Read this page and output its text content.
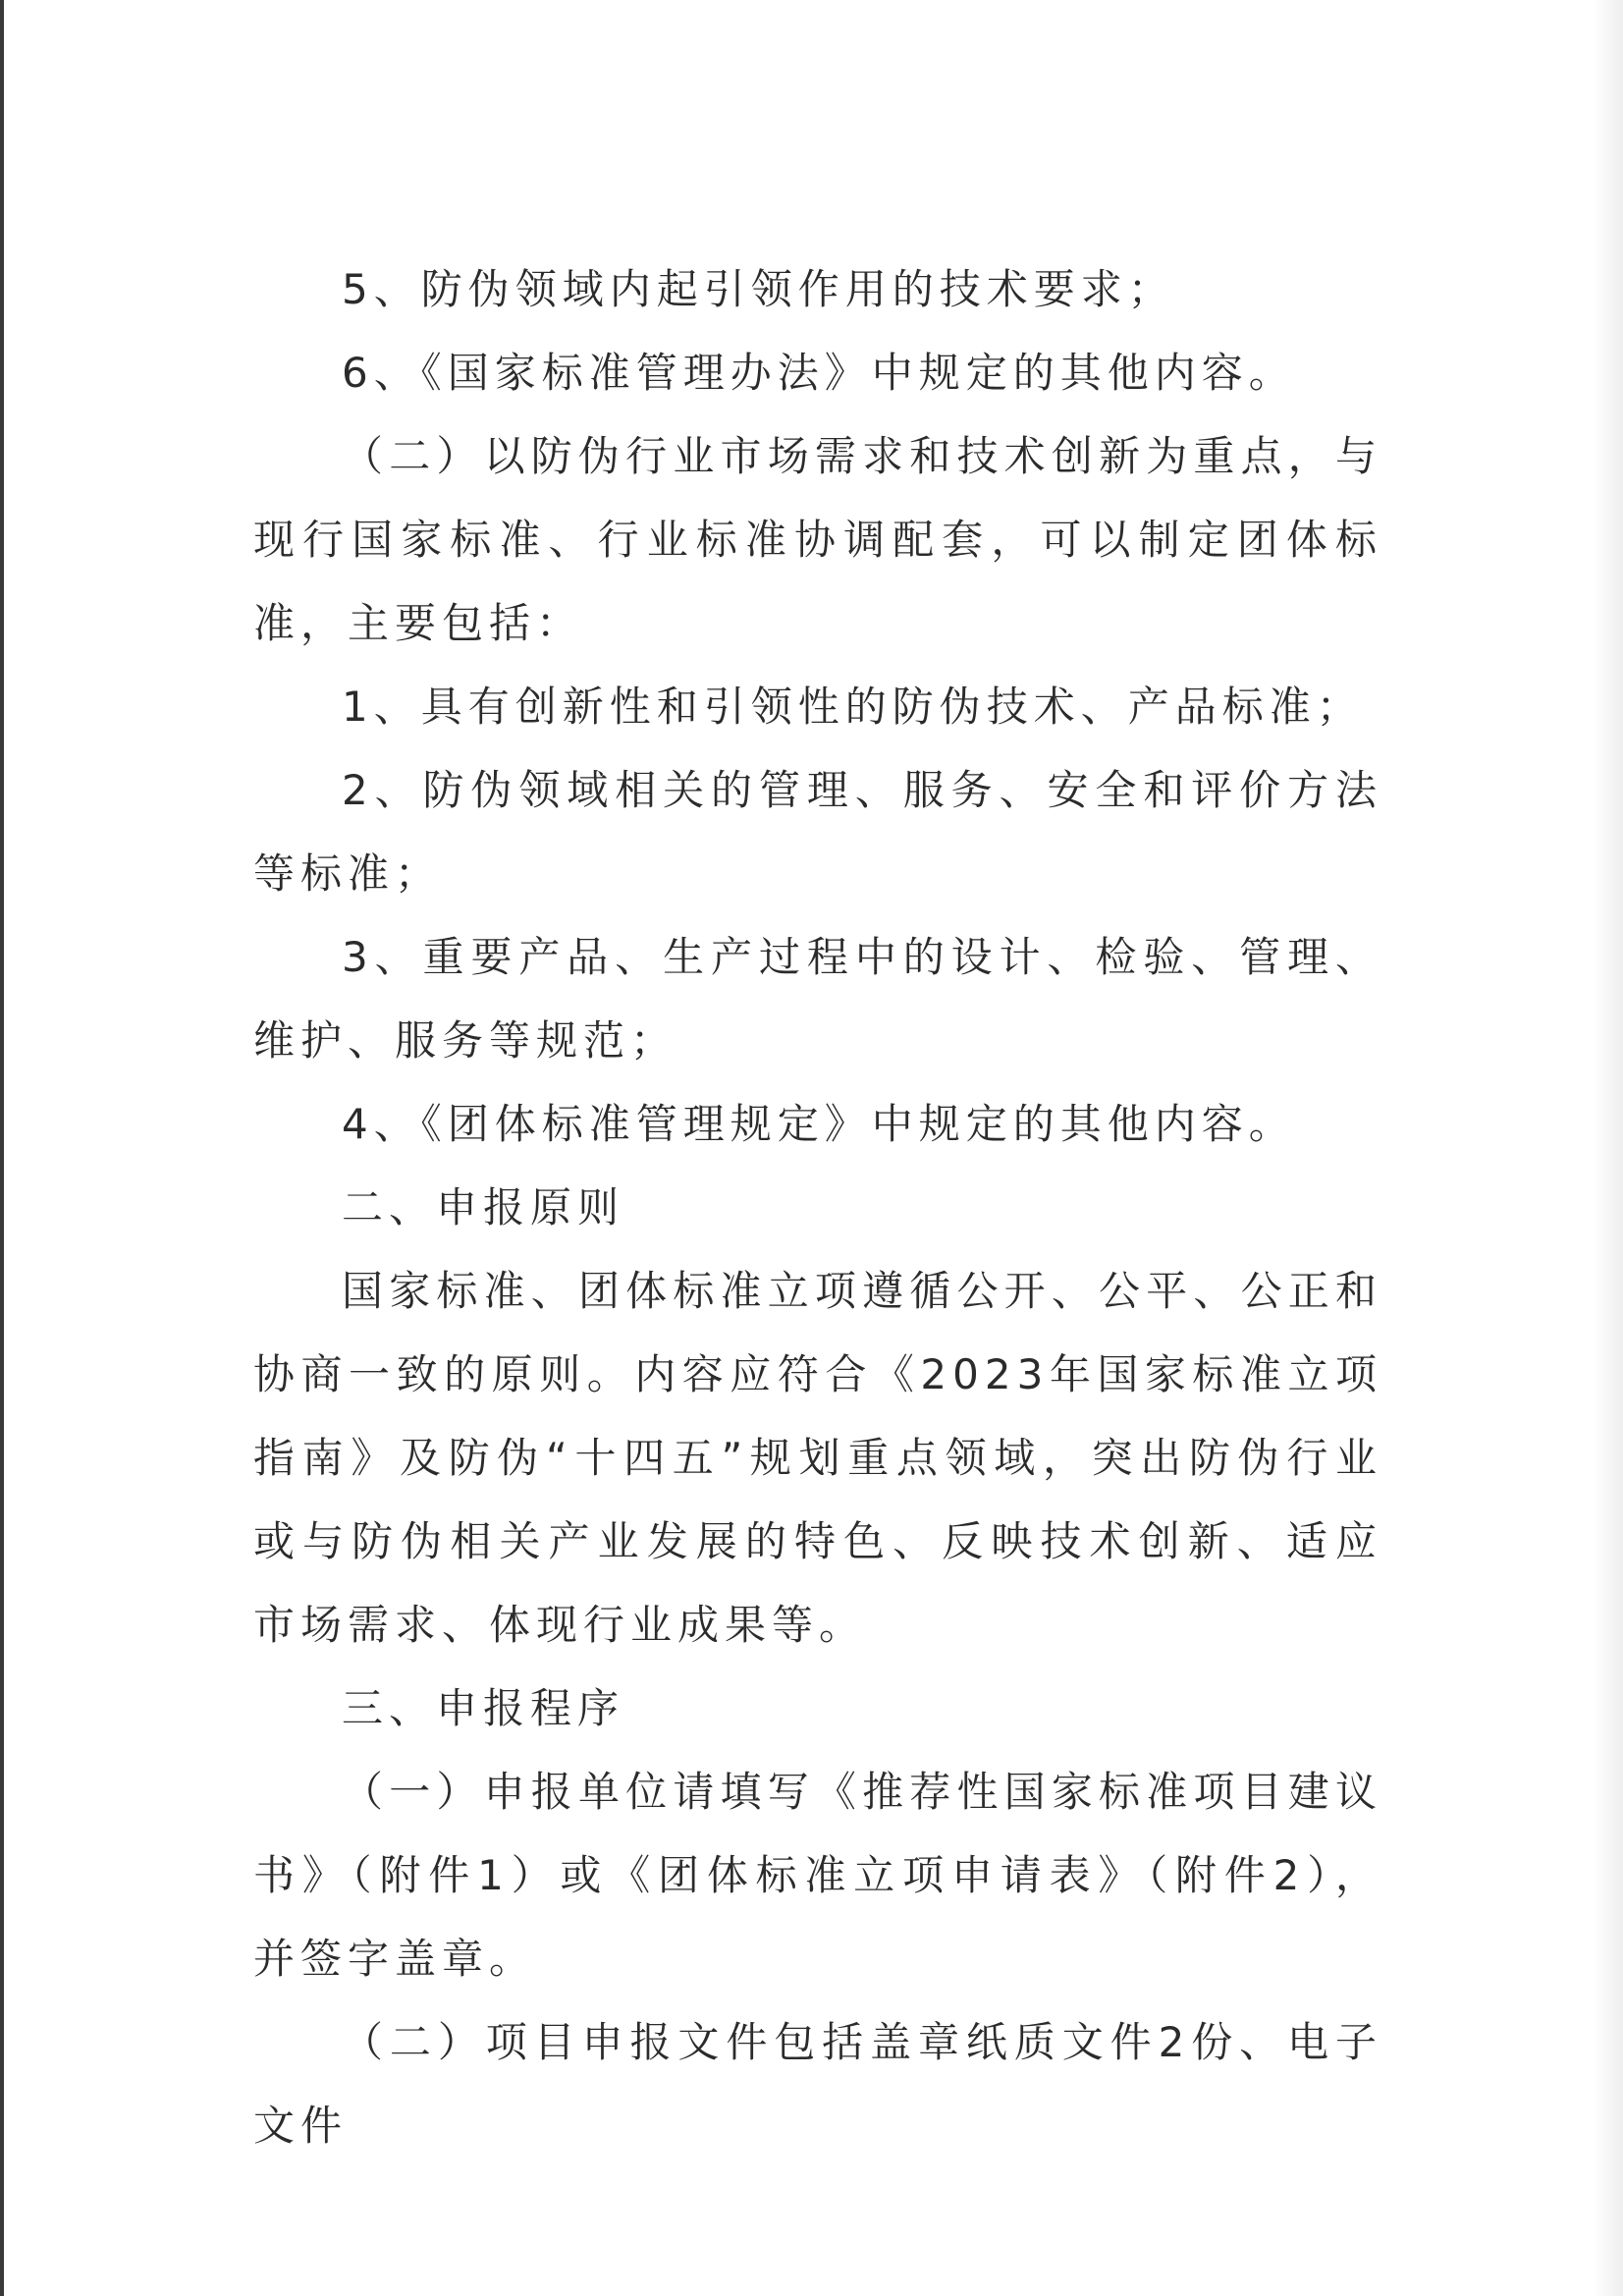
5、防伪领域内起引领作用的技术要求；

6、《国家标准管理办法》中规定的其他内容。

（二）以防伪行业市场需求和技术创新为重点，与现行国家标准、行业标准协调配套，可以制定团体标准，主要包括：

1、具有创新性和引领性的防伪技术、产品标准；

2、防伪领域相关的管理、服务、安全和评价方法等标准；

3、重要产品、生产过程中的设计、检验、管理、维护、服务等规范；

4、《团体标准管理规定》中规定的其他内容。

二、申报原则

国家标准、团体标准立项遵循公开、公平、公正和协商一致的原则。内容应符合《2023年国家标准立项指南》及防伪“十四五”规划重点领域，突出防伪行业或与防伪相关产业发展的特色、反映技术创新、适应市场需求、体现行业成果等。

三、申报程序

（一）申报单位请填写《推荐性国家标准项目建议书》（附件1）或《团体标准立项申请表》（附件2），并签字盖章。

（二）项目申报文件包括盖章纸质文件2份、电子文件
